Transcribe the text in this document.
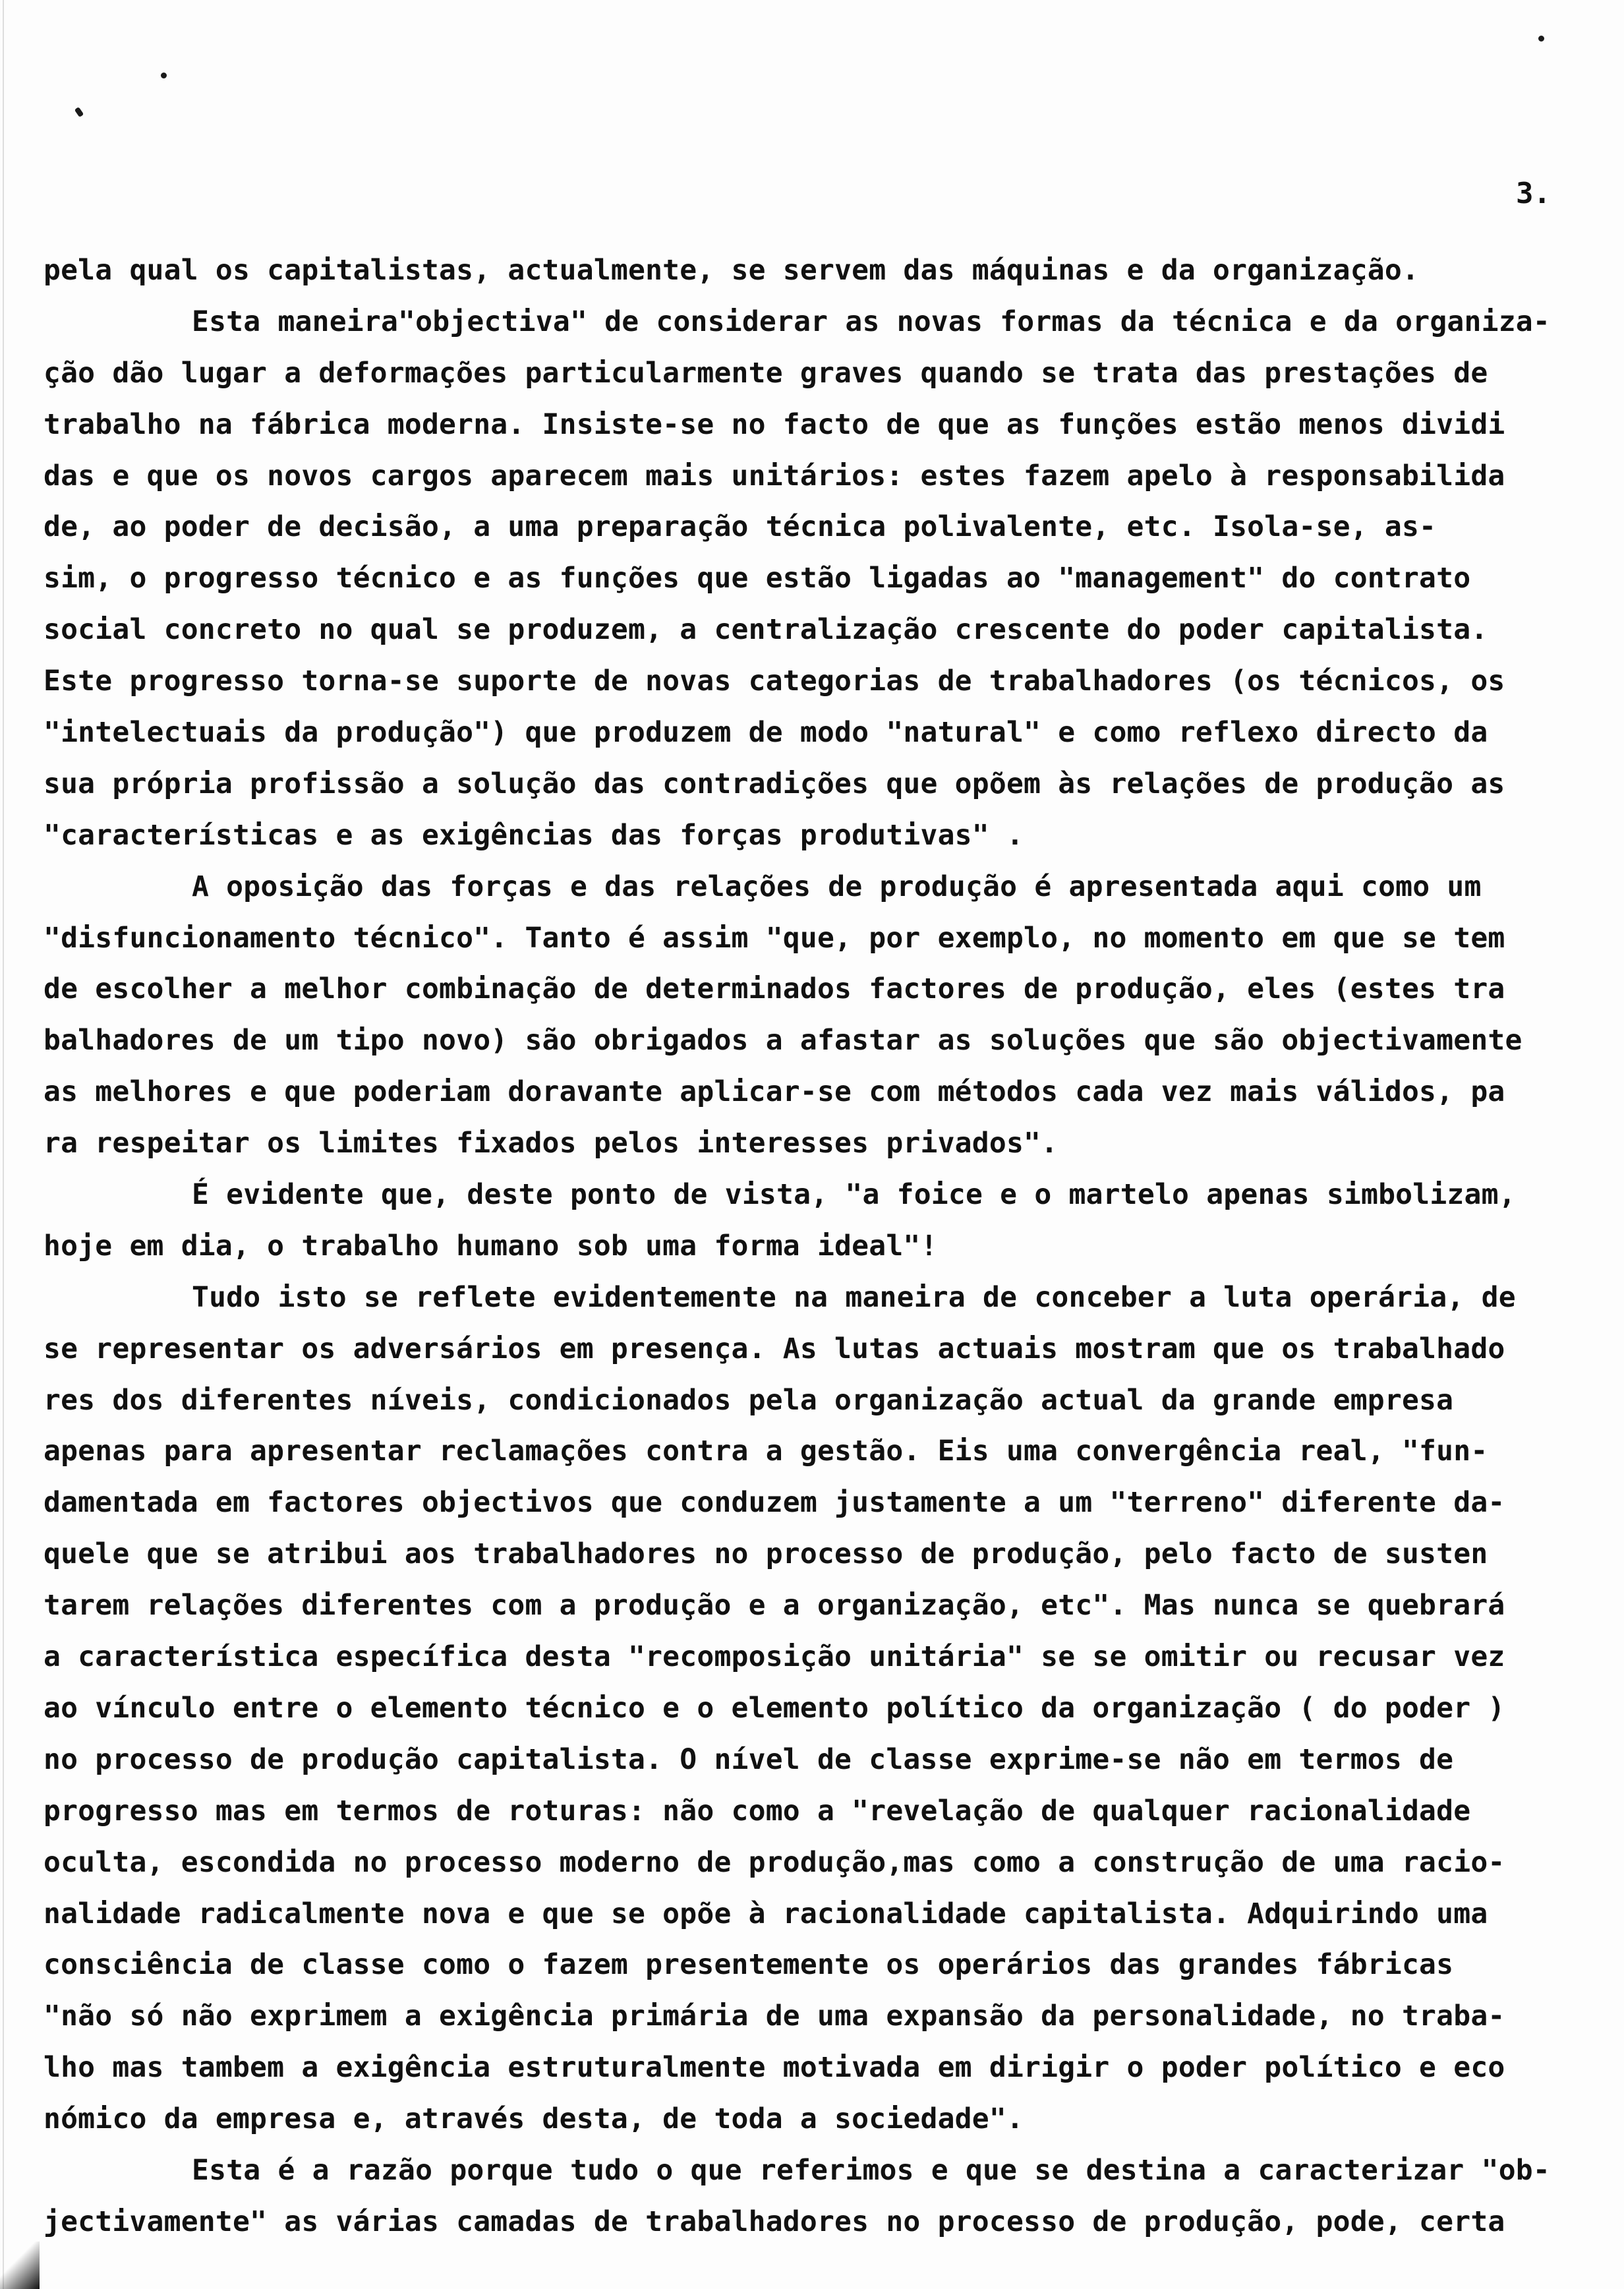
3.
pela qual os capitalistas, actualmente, se servem das máquinas e da organização.
Esta maneira"objectiva" de considerar as novas formas da técnica e da organiza-
ção dão lugar a deformações particularmente graves quando se trata das prestações de
trabalho na fábrica moderna. Insiste-se no facto de que as funções estão menos dividi
das e que os novos cargos aparecem mais unitários: estes fazem apelo à responsabilida
de, ao poder de decisão, a uma preparação técnica polivalente, etc. Isola-se, as-
sim, o progresso técnico e as funções que estão ligadas ao "management" do contrato
social concreto no qual se produzem, a centralização crescente do poder capitalista.
Este progresso torna-se suporte de novas categorias de trabalhadores (os técnicos, os
"intelectuais da produção") que produzem de modo "natural" e como reflexo directo da
sua própria profissão a solução das contradições que opõem às relações de produção as
"características e as exigências das forças produtivas" .
A oposição das forças e das relações de produção é apresentada aqui como um
"disfuncionamento técnico". Tanto é assim "que, por exemplo, no momento em que se tem
de escolher a melhor combinação de determinados factores de produção, eles (estes tra
balhadores de um tipo novo) são obrigados a afastar as soluções que são objectivamente
as melhores e que poderiam doravante aplicar-se com métodos cada vez mais válidos, pa
ra respeitar os limites fixados pelos interesses privados".
É evidente que, deste ponto de vista, "a foice e o martelo apenas simbolizam,
hoje em dia, o trabalho humano sob uma forma ideal"!
Tudo isto se reflete evidentemente na maneira de conceber a luta operária, de
se representar os adversários em presença. As lutas actuais mostram que os trabalhado
res dos diferentes níveis, condicionados pela organização actual da grande empresa
apenas para apresentar reclamações contra a gestão. Eis uma convergência real, "fun-
damentada em factores objectivos que conduzem justamente a um "terreno" diferente da-
quele que se atribui aos trabalhadores no processo de produção, pelo facto de susten
tarem relações diferentes com a produção e a organização, etc". Mas nunca se quebrará
a característica específica desta "recomposição unitária" se se omitir ou recusar vez
ao vínculo entre o elemento técnico e o elemento político da organização ( do poder )
no processo de produção capitalista. O nível de classe exprime-se não em termos de
progresso mas em termos de roturas: não como a "revelação de qualquer racionalidade
oculta, escondida no processo moderno de produção,mas como a construção de uma racio-
nalidade radicalmente nova e que se opõe à racionalidade capitalista. Adquirindo uma
consciência de classe como o fazem presentemente os operários das grandes fábricas
"não só não exprimem a exigência primária de uma expansão da personalidade, no traba-
lho mas tambem a exigência estruturalmente motivada em dirigir o poder político e eco
nómico da empresa e, através desta, de toda a sociedade".
Esta é a razão porque tudo o que referimos e que se destina a caracterizar "ob-
jectivamente" as várias camadas de trabalhadores no processo de produção, pode, certa
